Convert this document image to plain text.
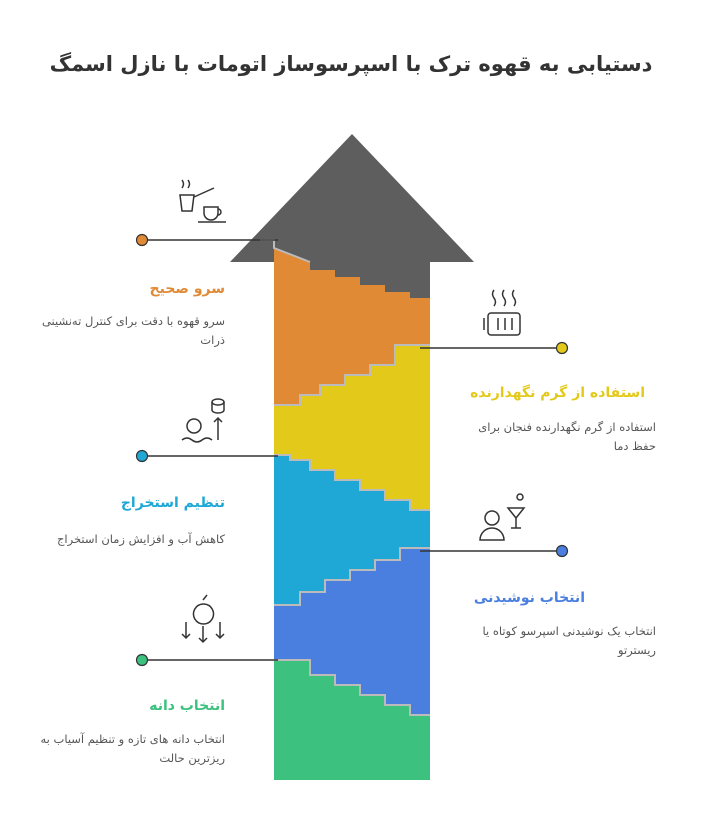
دستیابی به قهوه ترک با اسپرسوساز اتومات با نازل اسمگ
سرو صحیح
سرو قهوه با دقت برای کنترل ته‌نشینی ذرات
استفاده از گرم نگهدارنده
استفاده از گرم نگهدارنده فنجان برای حفظ دما
تنظیم استخراج
کاهش آب و افزایش زمان استخراج
انتخاب نوشیدنی
انتخاب یک نوشیدنی اسپرسو کوتاه یا ریسترتو
انتخاب دانه
انتخاب دانه های تازه و تنظیم آسیاب به ریزترین حالت
